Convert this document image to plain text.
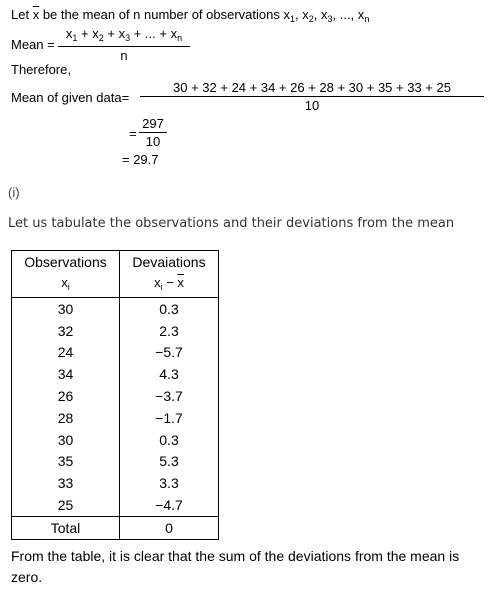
Let $\overline{x}$ be the mean of n number of observations $x_1$, $x_2$, $x_3$, ..., $x_n$
Mean =
$x_1 + x_2 + x_3$ + ... + $x_n$
n
Therefore,
Mean of given data=
30 + 32 + 24 + 34 + 26 + 28 + 30 + 35 + 33 + 25
10
=
297
10
= 29.7
(i)
Let us tabulate the observations and their deviations from the mean
Observations	Devaiations
$x_i$	$x_i - \overline{x}$
30	0.3
32	2.3
24	−5.7
34	4.3
26	−3.7
28	−1.7
30	0.3
35	5.3
33	3.3
25	−4.7
Total	0
From the table, it is clear that the sum of the deviations from the mean is zero.
